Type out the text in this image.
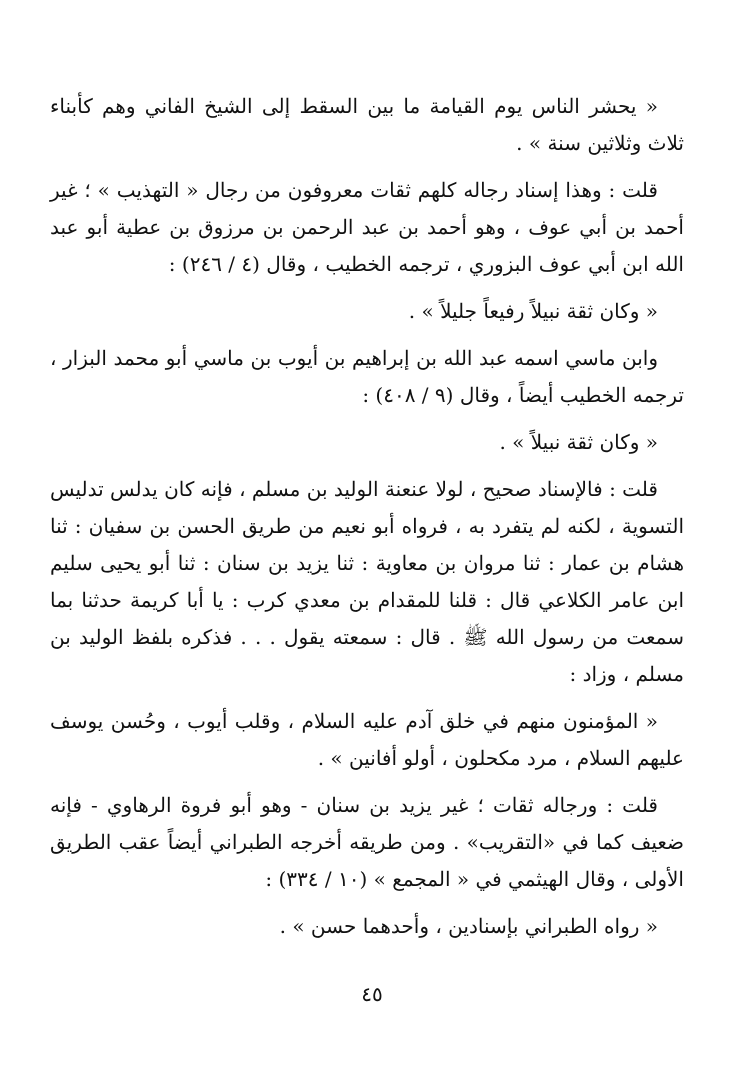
« يحشر الناس يوم القيامة ما بين السقط إلى الشيخ الفاني وهم كأبناء ثلاث وثلاثين سنة » .

قلت : وهذا إسناد رجاله كلهم ثقات معروفون من رجال « التهذيب » ؛ غير أحمد بن أبي عوف ، وهو أحمد بن عبد الرحمن بن مرزوق بن عطية أبو عبد الله ابن أبي عوف البزوري ، ترجمه الخطيب ، وقال (٤ / ٢٤٦) :

« وكان ثقة نبيلاً رفيعاً جليلاً » .

وابن ماسي اسمه عبد الله بن إبراهيم بن أيوب بن ماسي أبو محمد البزار ، ترجمه الخطيب أيضاً ، وقال (٩ / ٤٠٨) :

« وكان ثقة نبيلاً » .

قلت : فالإسناد صحيح ، لولا عنعنة الوليد بن مسلم ، فإنه كان يدلس تدليس التسوية ، لكنه لم يتفرد به ، فرواه أبو نعيم من طريق الحسن بن سفيان : ثنا هشام بن عمار : ثنا مروان بن معاوية : ثنا يزيد بن سنان : ثنا أبو يحيى سليم ابن عامر الكلاعي قال : قلنا للمقدام بن معدي كرب : يا أبا كريمة حدثنا بما سمعت من رسول الله ﷺ . قال : سمعته يقول . . . فذكره بلفظ الوليد بن مسلم ، وزاد :

« المؤمنون منهم في خلق آدم عليه السلام ، وقلب أيوب ، وحُسن يوسف عليهم السلام ، مرد مكحلون ، أولو أفانين » .

قلت : ورجاله ثقات ؛ غير يزيد بن سنان - وهو أبو فروة الرهاوي - فإنه ضعيف كما في «التقريب» . ومن طريقه أخرجه الطبراني أيضاً عقب الطريق الأولى ، وقال الهيثمي في « المجمع » (١٠ / ٣٣٤) :

« رواه الطبراني بإسنادين ، وأحدهما حسن » .

٤٥
